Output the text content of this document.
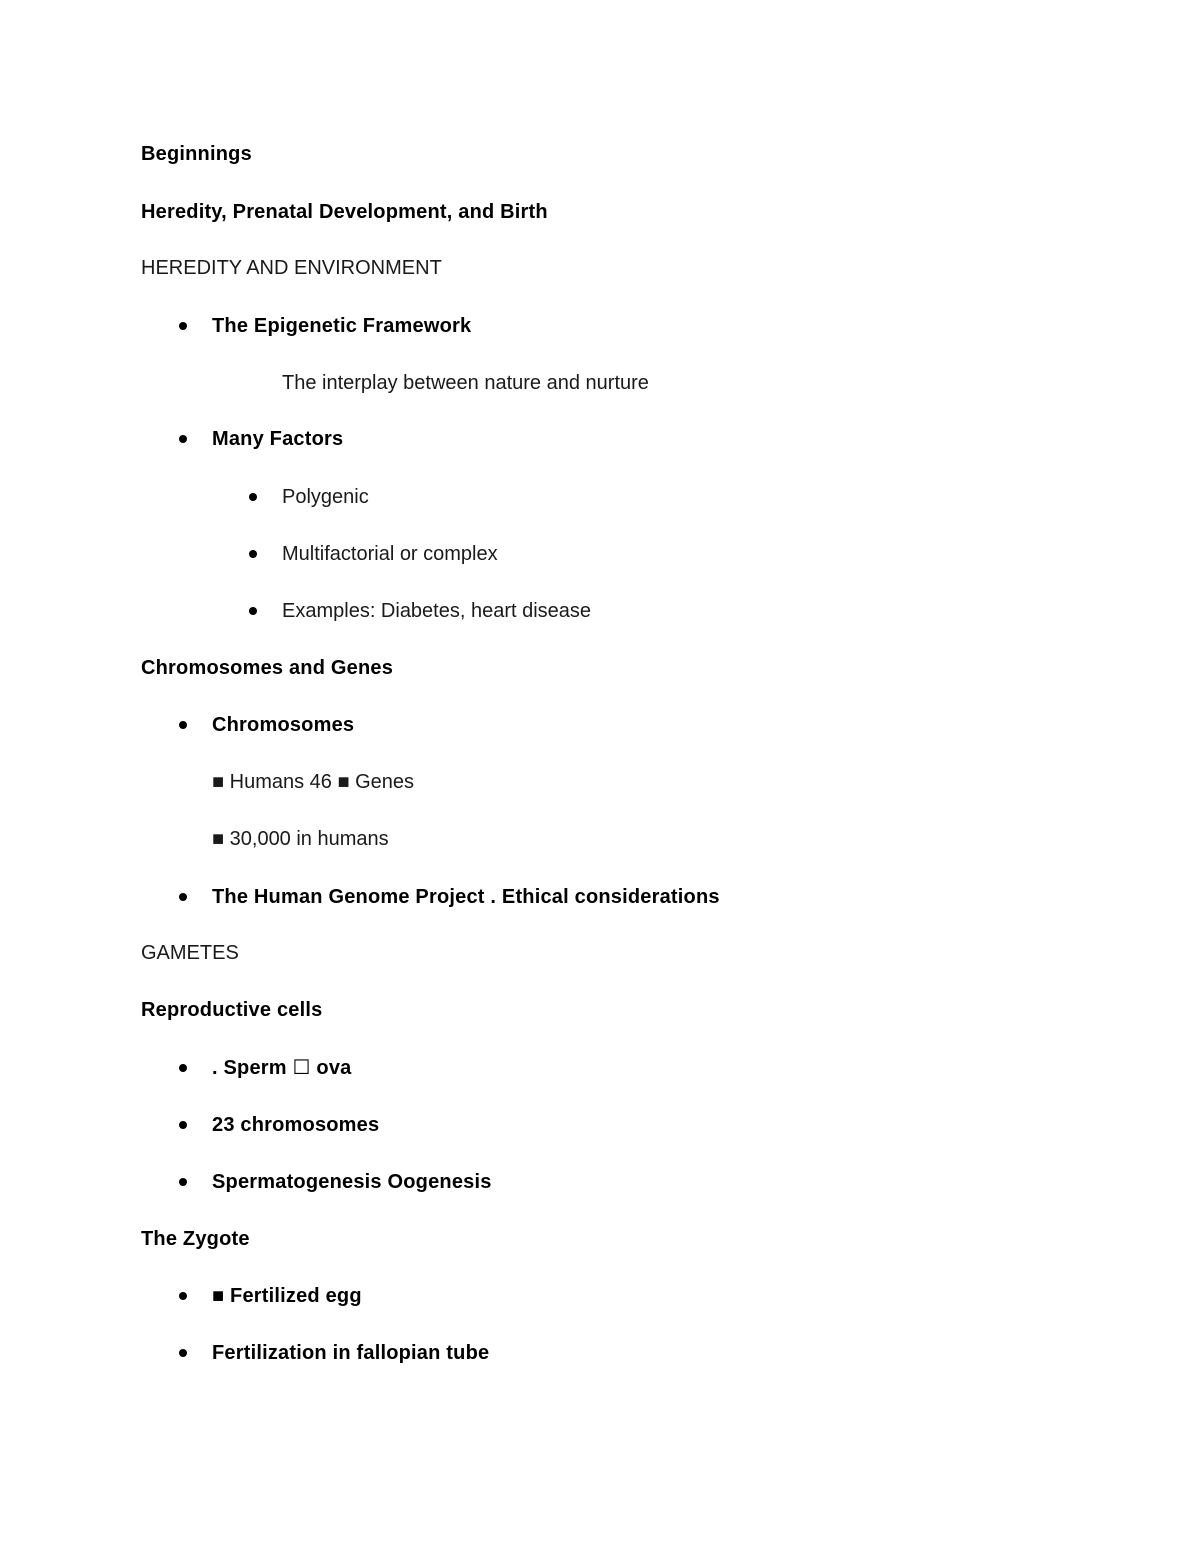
Beginnings
Heredity, Prenatal Development, and Birth
HEREDITY AND ENVIRONMENT
The Epigenetic Framework
The interplay between nature and nurture
Many Factors
Polygenic
Multifactorial or complex
Examples: Diabetes, heart disease
Chromosomes and Genes
Chromosomes
■ Humans 46 ■ Genes
■ 30,000 in humans
The Human Genome Project . Ethical considerations
GAMETES
Reproductive cells
. Sperm ☐ ova
23 chromosomes
Spermatogenesis Oogenesis
The Zygote
■ Fertilized egg
Fertilization in fallopian tube
